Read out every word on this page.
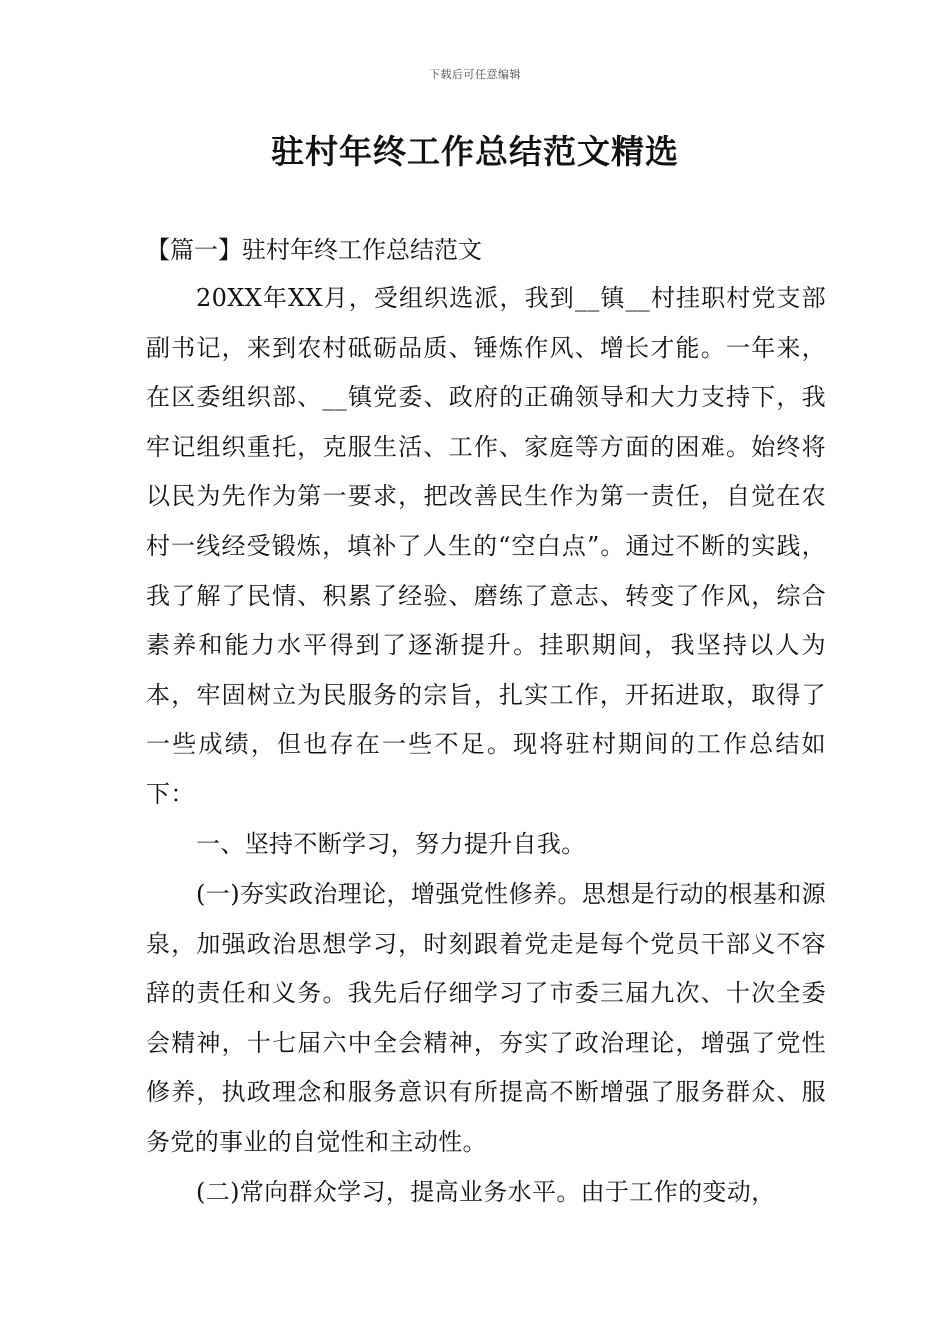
下载后可任意编辑
驻村年终工作总结范文精选
【篇一】驻村年终工作总结范文

20XX年XX月，受组织选派，我到__镇__村挂职村党支部副书记，来到农村砥砺品质、锤炼作风、增长才能。一年来，在区委组织部、__镇党委、政府的正确领导和大力支持下，我牢记组织重托，克服生活、工作、家庭等方面的困难。始终将以民为先作为第一要求，把改善民生作为第一责任，自觉在农村一线经受锻炼，填补了人生的“空白点”。通过不断的实践，我了解了民情、积累了经验、磨练了意志、转变了作风，综合素养和能力水平得到了逐渐提升。挂职期间，我坚持以人为本，牢固树立为民服务的宗旨，扎实工作，开拓进取，取得了一些成绩，但也存在一些不足。现将驻村期间的工作总结如下：

一、坚持不断学习，努力提升自我。

(一)夯实政治理论，增强党性修养。思想是行动的根基和源泉，加强政治思想学习，时刻跟着党走是每个党员干部义不容辞的责任和义务。我先后仔细学习了市委三届九次、十次全委会精神，十七届六中全会精神，夯实了政治理论，增强了党性修养，执政理念和服务意识有所提高不断增强了服务群众、服务党的事业的自觉性和主动性。

(二)常向群众学习，提高业务水平。由于工作的变动，
